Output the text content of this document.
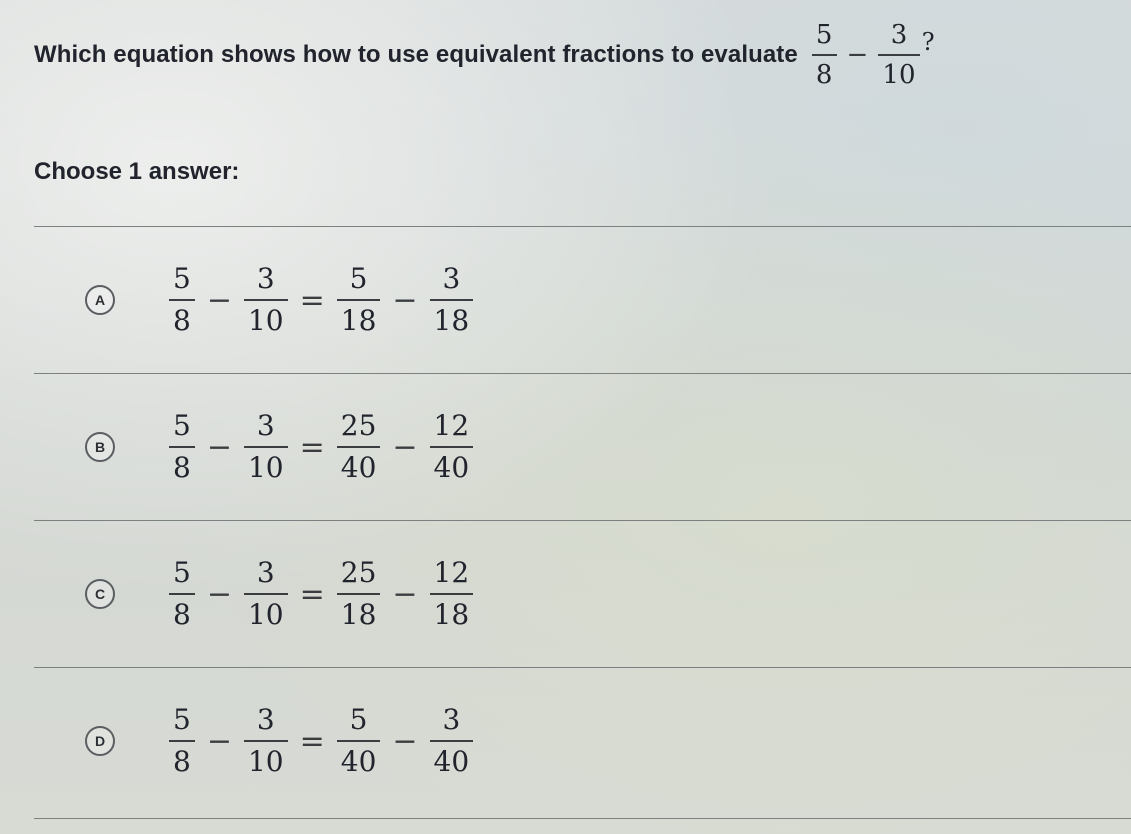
Which equation shows how to use equivalent fractions to evaluate $\frac{5}{8} - \frac{3}{10}$ ?
Choose 1 answer:
A	$\frac{5}{8} - \frac{3}{10} = \frac{5}{18} - \frac{3}{18}$
B	$\frac{5}{8} - \frac{3}{10} = \frac{25}{40} - \frac{12}{40}$
C	$\frac{5}{8} - \frac{3}{10} = \frac{25}{18} - \frac{12}{18}$
D	$\frac{5}{8} - \frac{3}{10} = \frac{5}{40} - \frac{3}{40}$
